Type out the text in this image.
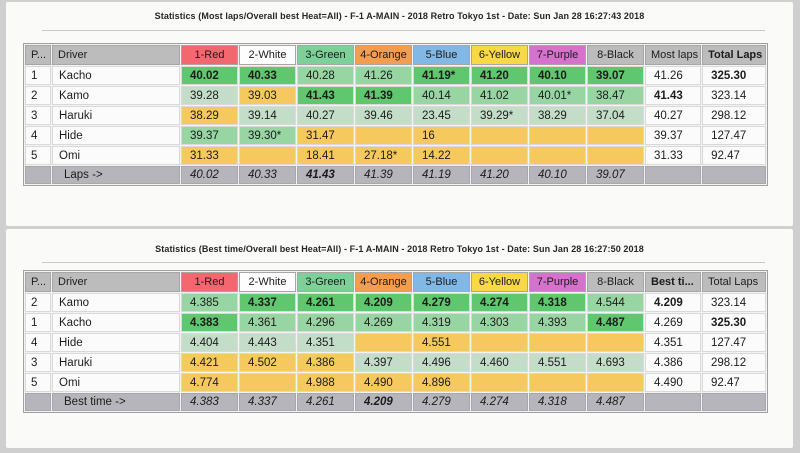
Statistics (Most laps/Overall best Heat=All) - F-1 A-MAIN - 2018 Retro Tokyo 1st - Date: Sun Jan 28 16:27:43 2018
P...	Driver	1-Red	2-White	3-Green	4-Orange	5-Blue	6-Yellow	7-Purple	8-Black	Most laps	Total Laps
1	Kacho	40.02	40.33	40.28	41.26	41.19*	41.20	40.10	39.07	41.26	325.30
2	Kamo	39.28	39.03	41.43	41.39	40.14	41.02	40.01*	38.47	41.43	323.14
3	Haruki	38.29	39.14	40.27	39.46	23.45	39.29*	38.29	37.04	40.27	298.12
4	Hide	39.37	39.30*	31.47		16				39.37	127.47
5	Omi	31.33		18.41	27.18*	14.22				31.33	92.47
	Laps ->	40.02	40.33	41.43	41.39	41.19	41.20	40.10	39.07		
Statistics (Best time/Overall best Heat=All) - F-1 A-MAIN - 2018 Retro Tokyo 1st - Date: Sun Jan 28 16:27:50 2018
P...	Driver	1-Red	2-White	3-Green	4-Orange	5-Blue	6-Yellow	7-Purple	8-Black	Best ti...	Total Laps
2	Kamo	4.385	4.337	4.261	4.209	4.279	4.274	4.318	4.544	4.209	323.14
1	Kacho	4.383	4.361	4.296	4.269	4.319	4.303	4.393	4.487	4.269	325.30
4	Hide	4.404	4.443	4.351		4.551				4.351	127.47
3	Haruki	4.421	4.502	4.386	4.397	4.496	4.460	4.551	4.693	4.386	298.12
5	Omi	4.774		4.988	4.490	4.896				4.490	92.47
	Best time ->	4.383	4.337	4.261	4.209	4.279	4.274	4.318	4.487		
